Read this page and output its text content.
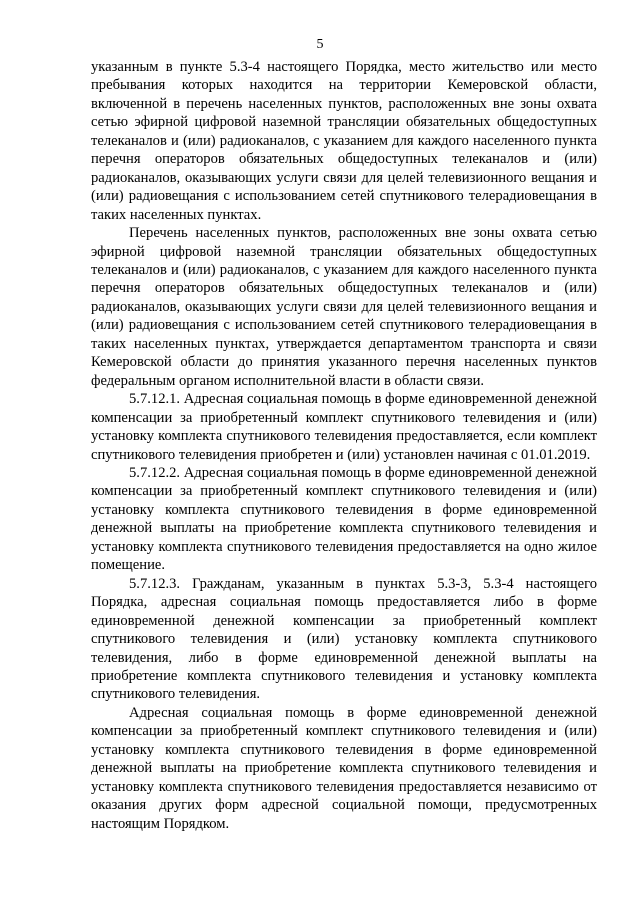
5

указанным в пункте 5.3-4 настоящего Порядка, место жительство или место пребывания которых находится на территории Кемеровской области, включенной в перечень населенных пунктов, расположенных вне зоны охвата сетью эфирной цифровой наземной трансляции обязательных общедоступных телеканалов и (или) радиоканалов, с указанием для каждого населенного пункта перечня операторов обязательных общедоступных телеканалов и (или) радиоканалов, оказывающих услуги связи для целей телевизионного вещания и (или) радиовещания с использованием сетей спутникового телерадиовещания в таких населенных пунктах.

Перечень населенных пунктов, расположенных вне зоны охвата сетью эфирной цифровой наземной трансляции обязательных общедоступных телеканалов и (или) радиоканалов, с указанием для каждого населенного пункта перечня операторов обязательных общедоступных телеканалов и (или) радиоканалов, оказывающих услуги связи для целей телевизионного вещания и (или) радиовещания с использованием сетей спутникового телерадиовещания в таких населенных пунктах, утверждается департаментом транспорта и связи Кемеровской области до принятия указанного перечня населенных пунктов федеральным органом исполнительной власти в области связи.

5.7.12.1. Адресная социальная помощь в форме единовременной денежной компенсации за приобретенный комплект спутникового телевидения и (или) установку комплекта спутникового телевидения предоставляется, если комплект спутникового телевидения приобретен и (или) установлен начиная с 01.01.2019.

5.7.12.2. Адресная социальная помощь в форме единовременной денежной компенсации за приобретенный комплект спутникового телевидения и (или) установку комплекта спутникового телевидения в форме единовременной денежной выплаты на приобретение комплекта спутникового телевидения и установку комплекта спутникового телевидения предоставляется на одно жилое помещение.

5.7.12.3. Гражданам, указанным в пунктах 5.3-3, 5.3-4 настоящего Порядка, адресная социальная помощь предоставляется либо в форме единовременной денежной компенсации за приобретенный комплект спутникового телевидения и (или) установку комплекта спутникового телевидения, либо в форме единовременной денежной выплаты на приобретение комплекта спутникового телевидения и установку комплекта спутникового телевидения.

Адресная социальная помощь в форме единовременной денежной компенсации за приобретенный комплект спутникового телевидения и (или) установку комплекта спутникового телевидения в форме единовременной денежной выплаты на приобретение комплекта спутникового телевидения и установку комплекта спутникового телевидения предоставляется независимо от оказания других форм адресной социальной помощи, предусмотренных настоящим Порядком.
